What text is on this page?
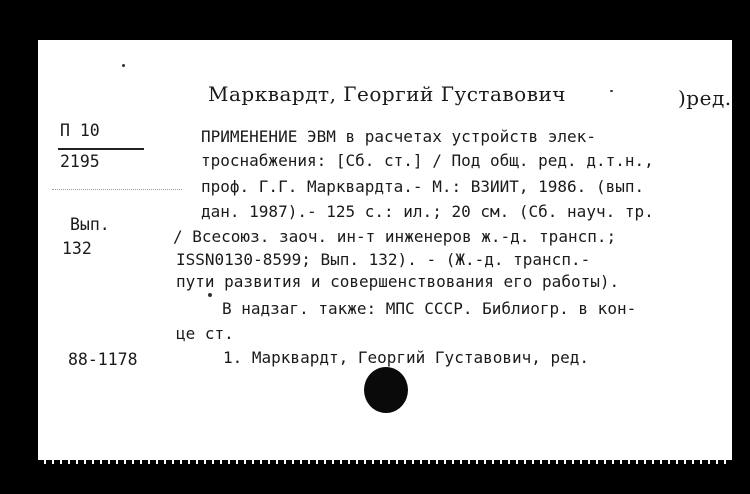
Марквардт, Георгий Густавович	)ред.
П 10
2195
Вып.
132
ПРИМЕНЕНИЕ ЭВМ в расчетах устройств элек-
троснабжения: [Сб. ст.] / Под общ. ред. д.т.н.,
проф. Г.Г. Марквардта.- М.: ВЗИИТ, 1986. (вып.
дан. 1987).- 125 с.: ил.; 20 см. (Сб. науч. тр.
/ Всесоюз. заоч. ин-т инженеров ж.-д. трансп.;
ISSN0130-8599; Вып. 132). - (Ж.-д. трансп.-
пути развития и совершенствования его работы).
В надзаг. также: МПС СССР. Библиогр. в кон-
це ст.
88-1178	1. Марквардт, Георгий Густавович, ред.
